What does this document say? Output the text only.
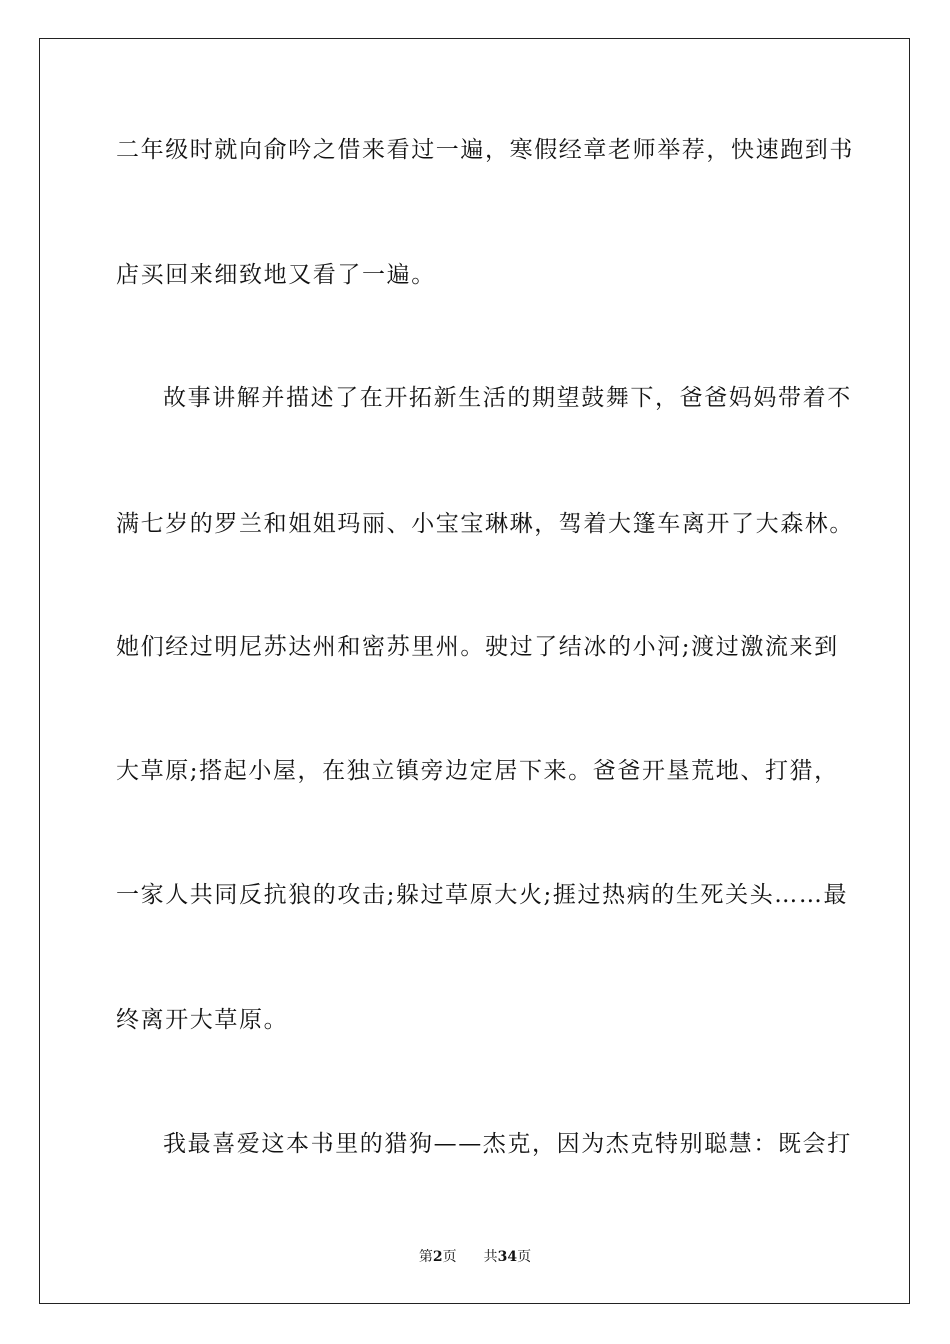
二年级时就向俞吟之借来看过一遍，寒假经章老师举荐，快速跑到书
店买回来细致地又看了一遍。
故事讲解并描述了在开拓新生活的期望鼓舞下，爸爸妈妈带着不
满七岁的罗兰和姐姐玛丽、小宝宝琳琳，驾着大篷车离开了大森林。
她们经过明尼苏达州和密苏里州。驶过了结冰的小河;渡过激流来到
大草原;搭起小屋，在独立镇旁边定居下来。爸爸开垦荒地、打猎，
一家人共同反抗狼的攻击;躲过草原大火;捱过热病的生死关头……最
终离开大草原。
我最喜爱这本书里的猎狗——杰克，因为杰克特别聪慧：既会打
第2页 共34页
